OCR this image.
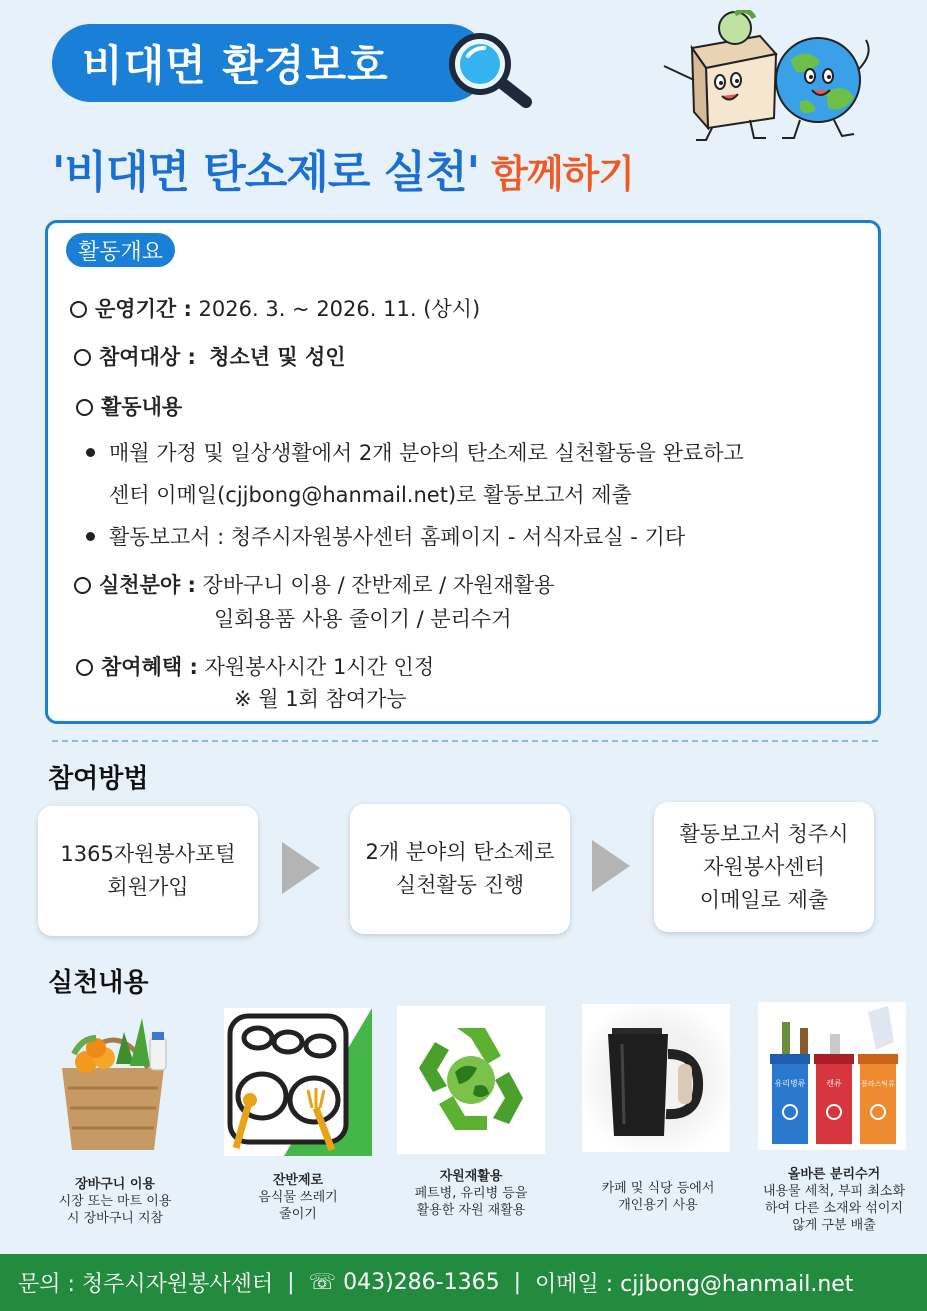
비대면 환경보호
'비대면 탄소제로 실천' 함께하기
활동개요
운영기간 : 2026. 3. ~ 2026. 11. (상시)
참여대상 : 청소년 및 성인
활동내용
매월 가정 및 일상생활에서 2개 분야의 탄소제로 실천활동을 완료하고
센터 이메일(cjjbong@hanmail.net)로 활동보고서 제출
활동보고서 : 청주시자원봉사센터 홈페이지 - 서식자료실 - 기타
실천분야 : 장바구니 이용 / 잔반제로 / 자원재활용
일회용품 사용 줄이기 / 분리수거
참여혜택 : 자원봉사시간 1시간 인정
※ 월 1회 참여가능
참여방법
1365자원봉사포털
회원가입
2개 분야의 탄소제로
실천활동 진행
활동보고서 청주시
자원봉사센터
이메일로 제출
실천내용
장바구니 이용
시장 또는 마트 이용
시 장바구니 지참
잔반제로
음식물 쓰레기
줄이기
자원재활용
페트병, 유리병 등을
활용한 자원 재활용
카페 및 식당 등에서
개인용기 사용
유리병류	캔류	플라스틱류
올바른 분리수거
내용물 세척, 부피 최소화
하여 다른 소재와 섞이지
않게 구분 배출
문의 : 청주시자원봉사센터 | ☏ 043)286-1365 | 이메일 : cjjbong@hanmail.net
